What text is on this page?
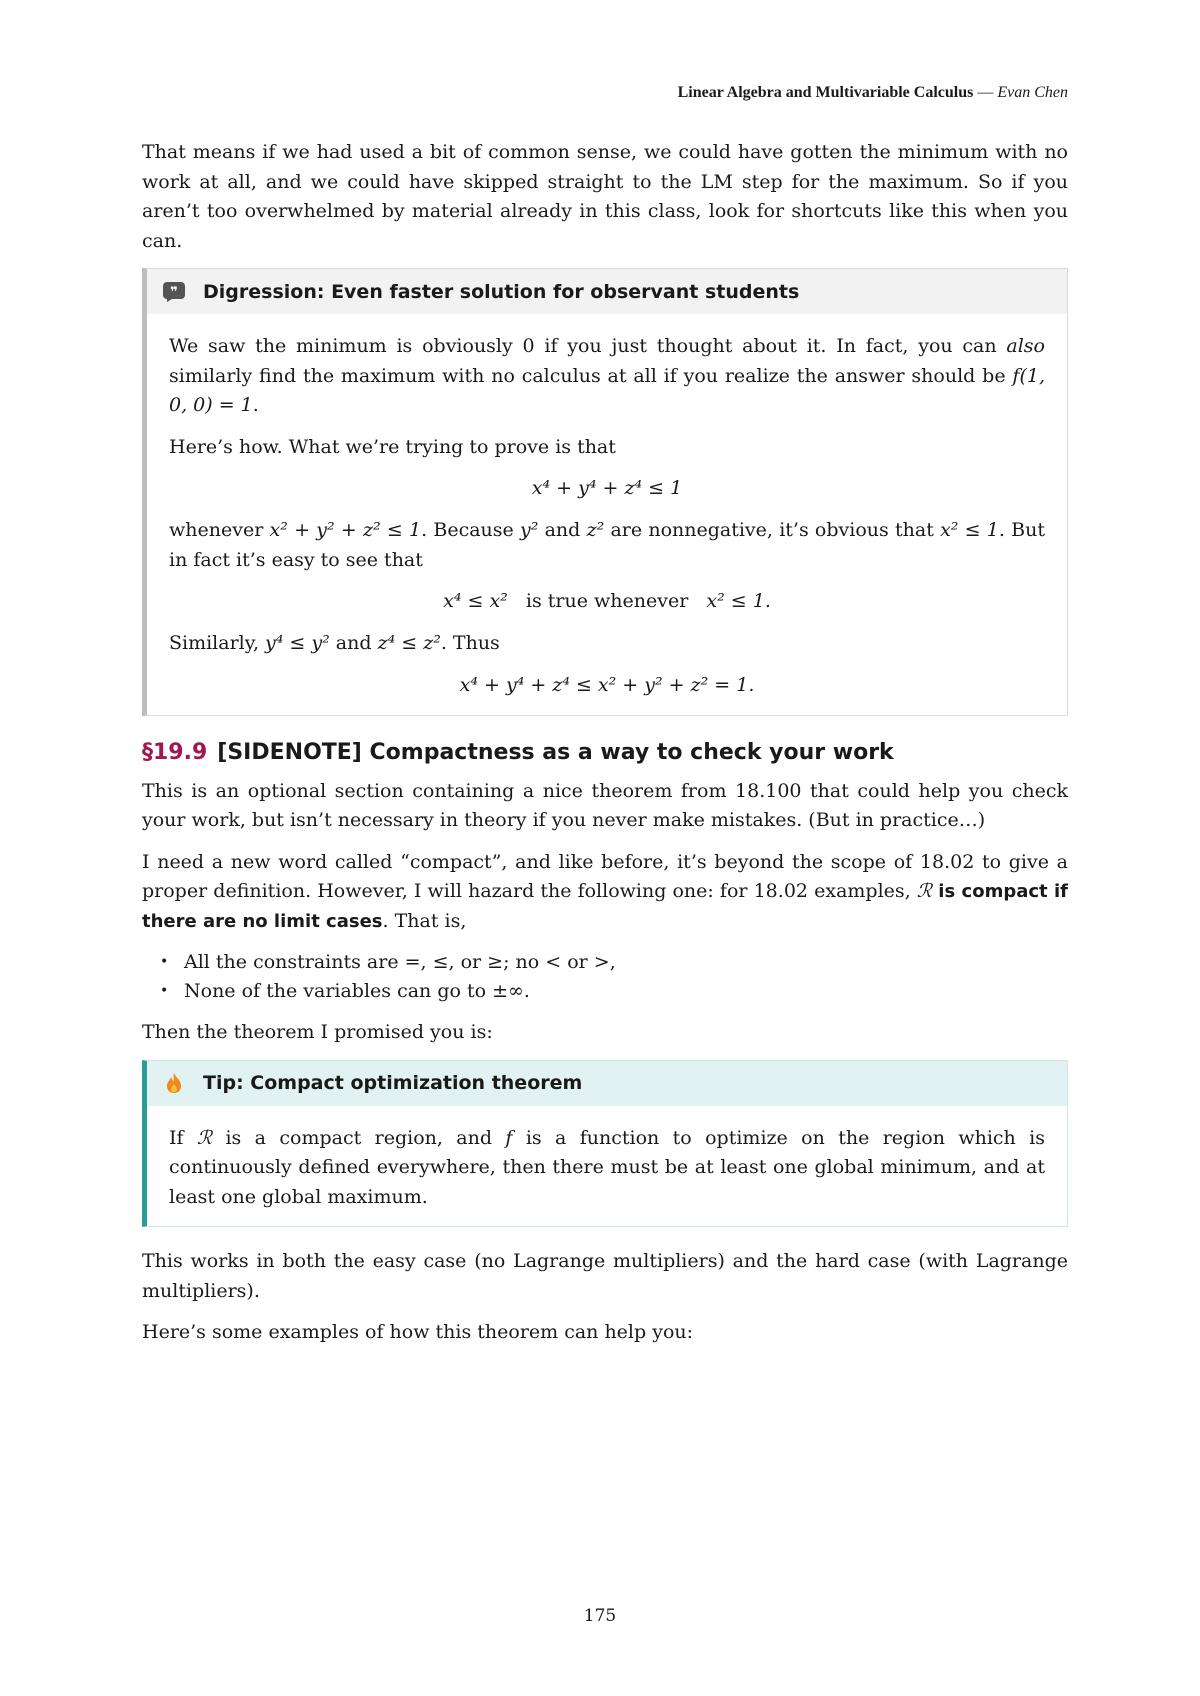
Linear Algebra and Multivariable Calculus — Evan Chen

That means if we had used a bit of common sense, we could have gotten the minimum with no work at all, and we could have skipped straight to the LM step for the maximum. So if you aren’t too overwhelmed by material already in this class, look for shortcuts like this when you can.

❞ Digression: Even faster solution for observant students

We saw the minimum is obviously 0 if you just thought about it. In fact, you can also similarly find the maximum with no calculus at all if you realize the answer should be f(1, 0, 0) = 1.

Here’s how. What we’re trying to prove is that

x⁴ + y⁴ + z⁴ ≤ 1

whenever x² + y² + z² ≤ 1. Because y² and z² are nonnegative, it’s obvious that x² ≤ 1. But in fact it’s easy to see that

x⁴ ≤ x² is true whenever x² ≤ 1.

Similarly, y⁴ ≤ y² and z⁴ ≤ z². Thus

x⁴ + y⁴ + z⁴ ≤ x² + y² + z² = 1.
§19.9 [SIDENOTE] Compactness as a way to check your work

This is an optional section containing a nice theorem from 18.100 that could help you check your work, but isn’t necessary in theory if you never make mistakes. (But in practice…)

I need a new word called “compact”, and like before, it’s beyond the scope of 18.02 to give a proper definition. However, I will hazard the following one: for 18.02 examples, ℛ is compact if there are no limit cases. That is,

• All the constraints are =, ≤, or ≥; no < or >,
• None of the variables can go to ±∞.

Then the theorem I promised you is:

Tip: Compact optimization theorem

If ℛ is a compact region, and f is a function to optimize on the region which is continuously defined everywhere, then there must be at least one global minimum, and at least one global maximum.

This works in both the easy case (no Lagrange multipliers) and the hard case (with Lagrange multipliers).

Here’s some examples of how this theorem can help you:

175
